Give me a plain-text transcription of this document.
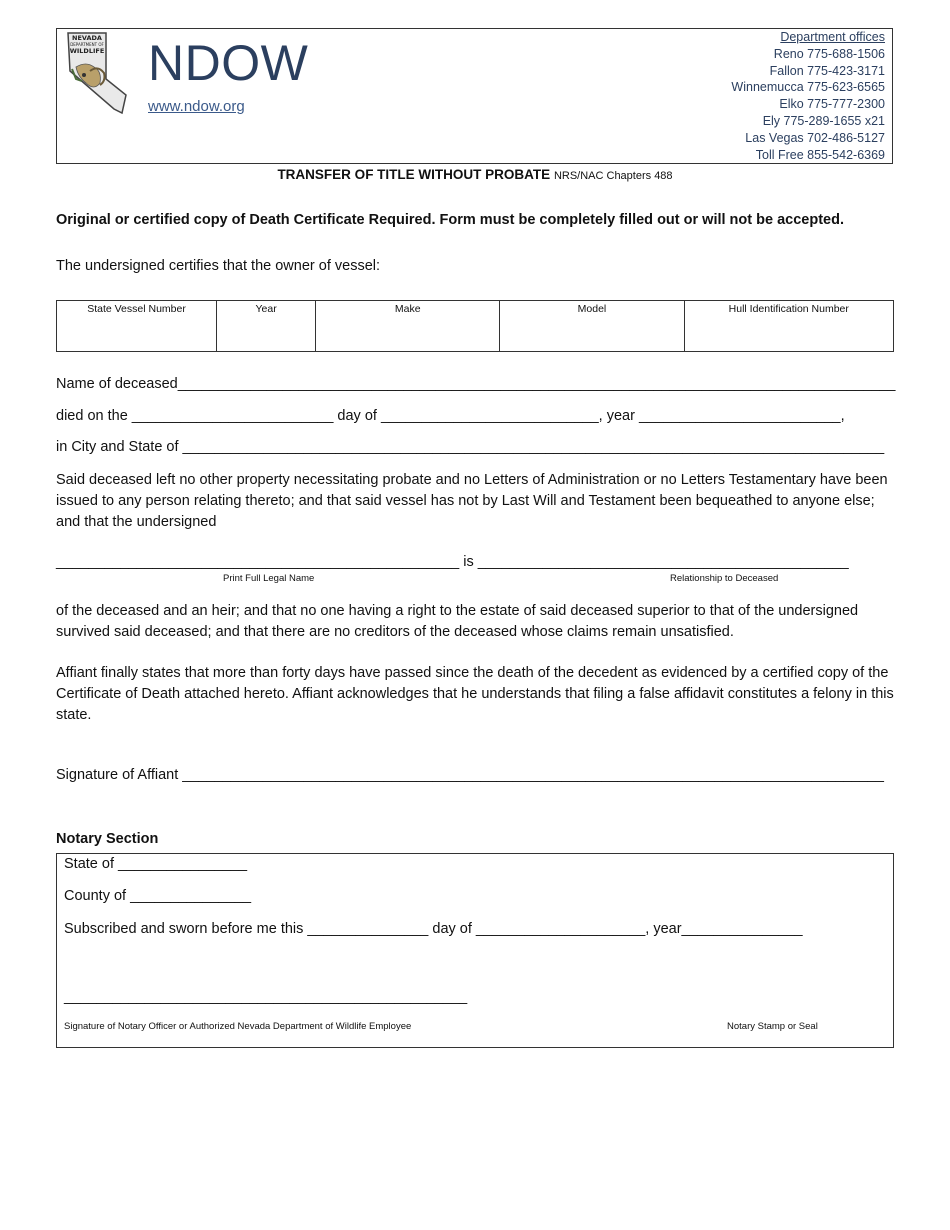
NEVADA
DEPARTMENT OF
WILDLIFE NDOW
www.ndow.org
Department offices
Reno 775-688-1506
Fallon 775-423-3171
Winnemucca 775-623-6565
Elko 775-777-2300
Ely 775-289-1655 x21
Las Vegas 702-486-5127
Toll Free 855-542-6369
TRANSFER OF TITLE WITHOUT PROBATE NRS/NAC Chapters 488
Original or certified copy of Death Certificate Required. Form must be completely filled out or will not be accepted.
The undersigned certifies that the owner of vessel:
State Vessel Number	Year	Make	Model	Hull Identification Number
Name of deceased_________________________________________________________________________________________
died on the _________________________ day of ___________________________, year _________________________,
in City and State of _______________________________________________________________________________________
Said deceased left no other property necessitating probate and no Letters of Administration or no Letters Testamentary have been issued to any person relating thereto; and that said vessel has not by Last Will and Testament been bequeathed to anyone else; and that the undersigned
__________________________________________________ is ______________________________________________
Print Full Legal Name	Relationship to Deceased
of the deceased and an heir; and that no one having a right to the estate of said deceased superior to that of the undersigned survived said deceased; and that there are no creditors of the deceased whose claims remain unsatisfied.
Affiant finally states that more than forty days have passed since the death of the decedent as evidenced by a certified copy of the Certificate of Death attached hereto. Affiant acknowledges that he understands that filing a false affidavit constitutes a felony in this state.
Signature of Affiant _______________________________________________________________________________________
Notary Section
State of ________________
County of _______________
Subscribed and sworn before me this _______________ day of _____________________, year_______________
__________________________________________________
Signature of Notary Officer or Authorized Nevada Department of Wildlife Employee	Notary Stamp or Seal
